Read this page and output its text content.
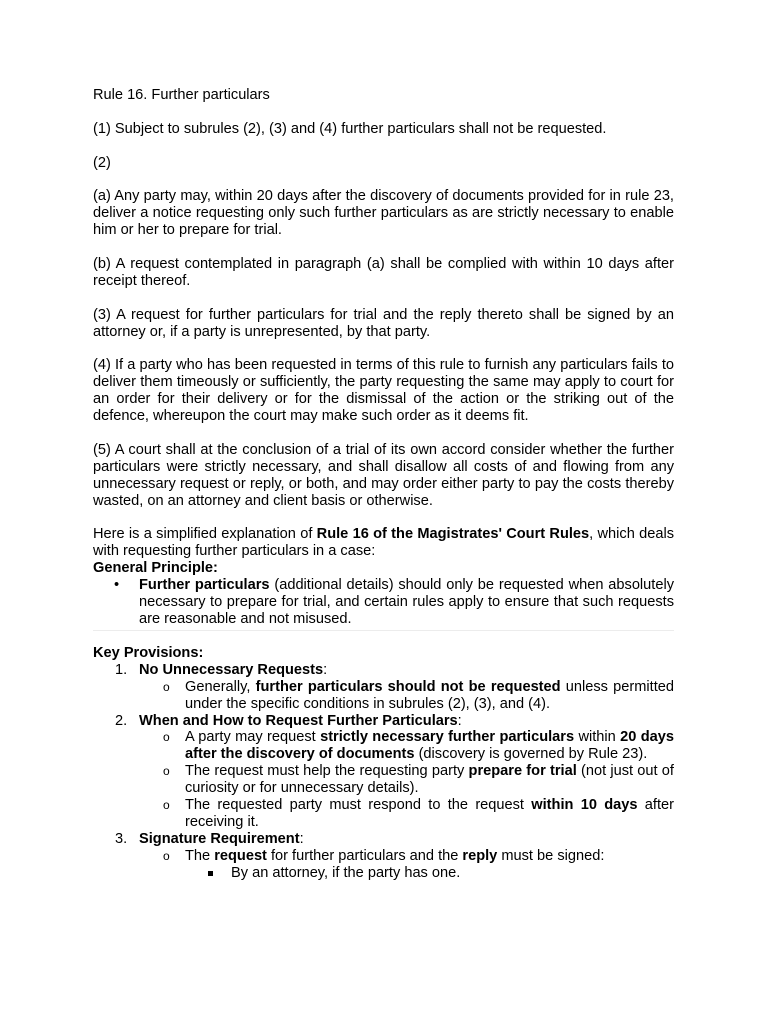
Rule 16. Further particulars

(1) Subject to subrules (2), (3) and (4) further particulars shall not be requested.

(2)

(a) Any party may, within 20 days after the discovery of documents provided for in rule 23, deliver a notice requesting only such further particulars as are strictly necessary to enable him or her to prepare for trial.

(b) A request contemplated in paragraph (a) shall be complied with within 10 days after receipt thereof.

(3) A request for further particulars for trial and the reply thereto shall be signed by an attorney or, if a party is unrepresented, by that party.

(4) If a party who has been requested in terms of this rule to furnish any particulars fails to deliver them timeously or sufficiently, the party requesting the same may apply to court for an order for their delivery or for the dismissal of the action or the striking out of the defence, whereupon the court may make such order as it deems fit.

(5) A court shall at the conclusion of a trial of its own accord consider whether the further particulars were strictly necessary, and shall disallow all costs of and flowing from any unnecessary request or reply, or both, and may order either party to pay the costs thereby wasted, on an attorney and client basis or otherwise.

Here is a simplified explanation of Rule 16 of the Magistrates' Court Rules, which deals with requesting further particulars in a case:

General Principle:

• Further particulars (additional details) should only be requested when absolutely necessary to prepare for trial, and certain rules apply to ensure that such requests are reasonable and not misused.

Key Provisions:

1. No Unnecessary Requests:
o Generally, further particulars should not be requested unless permitted under the specific conditions in subrules (2), (3), and (4).
2. When and How to Request Further Particulars:
o A party may request strictly necessary further particulars within 20 days after the discovery of documents (discovery is governed by Rule 23).
o The request must help the requesting party prepare for trial (not just out of curiosity or for unnecessary details).
o The requested party must respond to the request within 10 days after receiving it.
3. Signature Requirement:
o The request for further particulars and the reply must be signed:
By an attorney, if the party has one.
